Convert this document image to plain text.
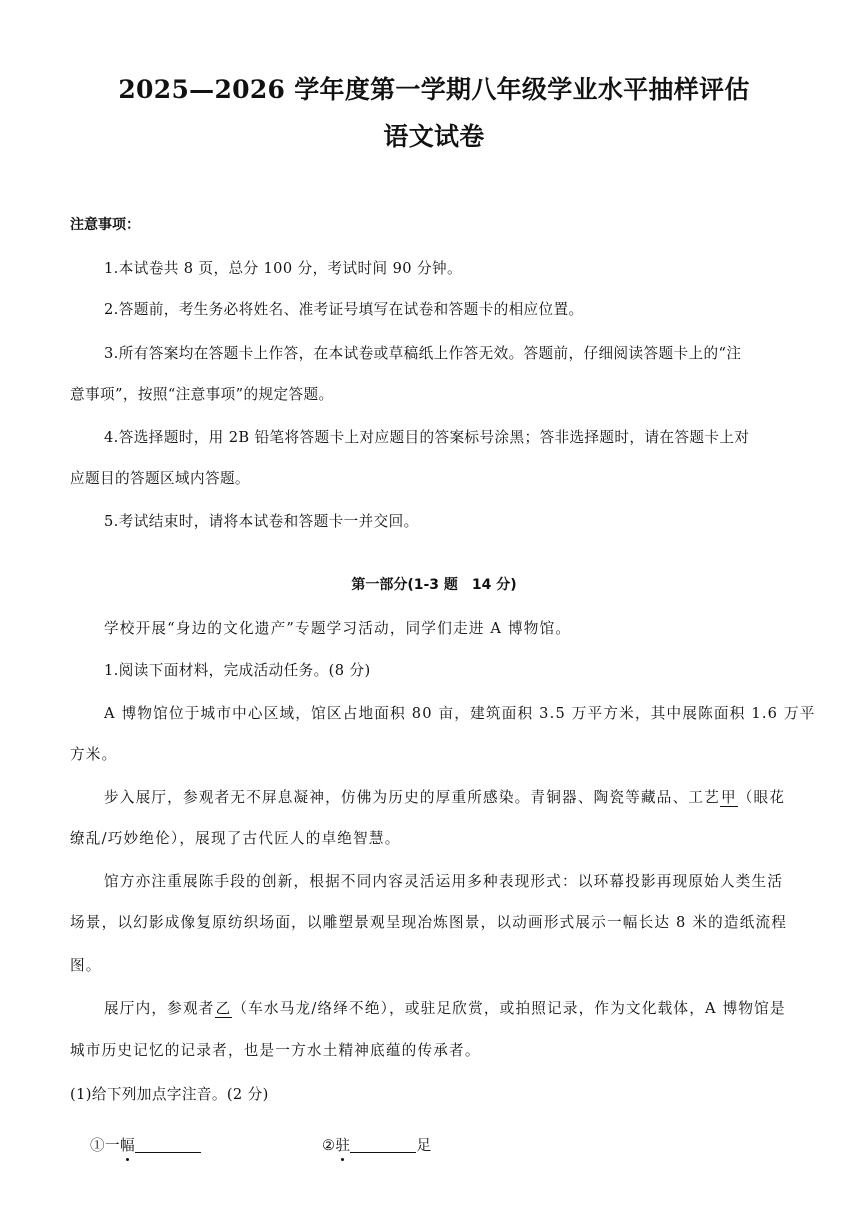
2025—2026 学年度第一学期八年级学业水平抽样评估
语文试卷
注意事项：
1.本试卷共 8 页，总分 100 分，考试时间 90 分钟。
2.答题前，考生务必将姓名、准考证号填写在试卷和答题卡的相应位置。
3.所有答案均在答题卡上作答，在本试卷或草稿纸上作答无效。答题前，仔细阅读答题卡上的“注
意事项”，按照“注意事项”的规定答题。
4.答选择题时，用 2B 铅笔将答题卡上对应题目的答案标号涂黑；答非选择题时，请在答题卡上对
应题目的答题区域内答题。
5.考试结束时，请将本试卷和答题卡一并交回。
第一部分(1-3 题　14 分)
学校开展“身边的文化遗产”专题学习活动，同学们走进 A 博物馆。
1.阅读下面材料，完成活动任务。(8 分)
A 博物馆位于城市中心区域，馆区占地面积 80 亩，建筑面积 3.5 万平方米，其中展陈面积 1.6 万平
方米。
步入展厅，参观者无不屏息凝神，仿佛为历史的厚重所感染。青铜器、陶瓷等藏品、工艺甲（眼花
缭乱/巧妙绝伦），展现了古代匠人的卓绝智慧。
馆方亦注重展陈手段的创新，根据不同内容灵活运用多种表现形式：以环幕投影再现原始人类生活
场景，以幻影成像复原纺织场面，以雕塑景观呈现冶炼图景，以动画形式展示一幅长达 8 米的造纸流程
图。
展厅内，参观者乙（车水马龙/络绎不绝），或驻足欣赏，或拍照记录，作为文化载体，A 博物馆是
城市历史记忆的记录者，也是一方水土精神底蕴的传承者。
(1)给下列加点字注音。(2 分)
①一幅	②驻	足
